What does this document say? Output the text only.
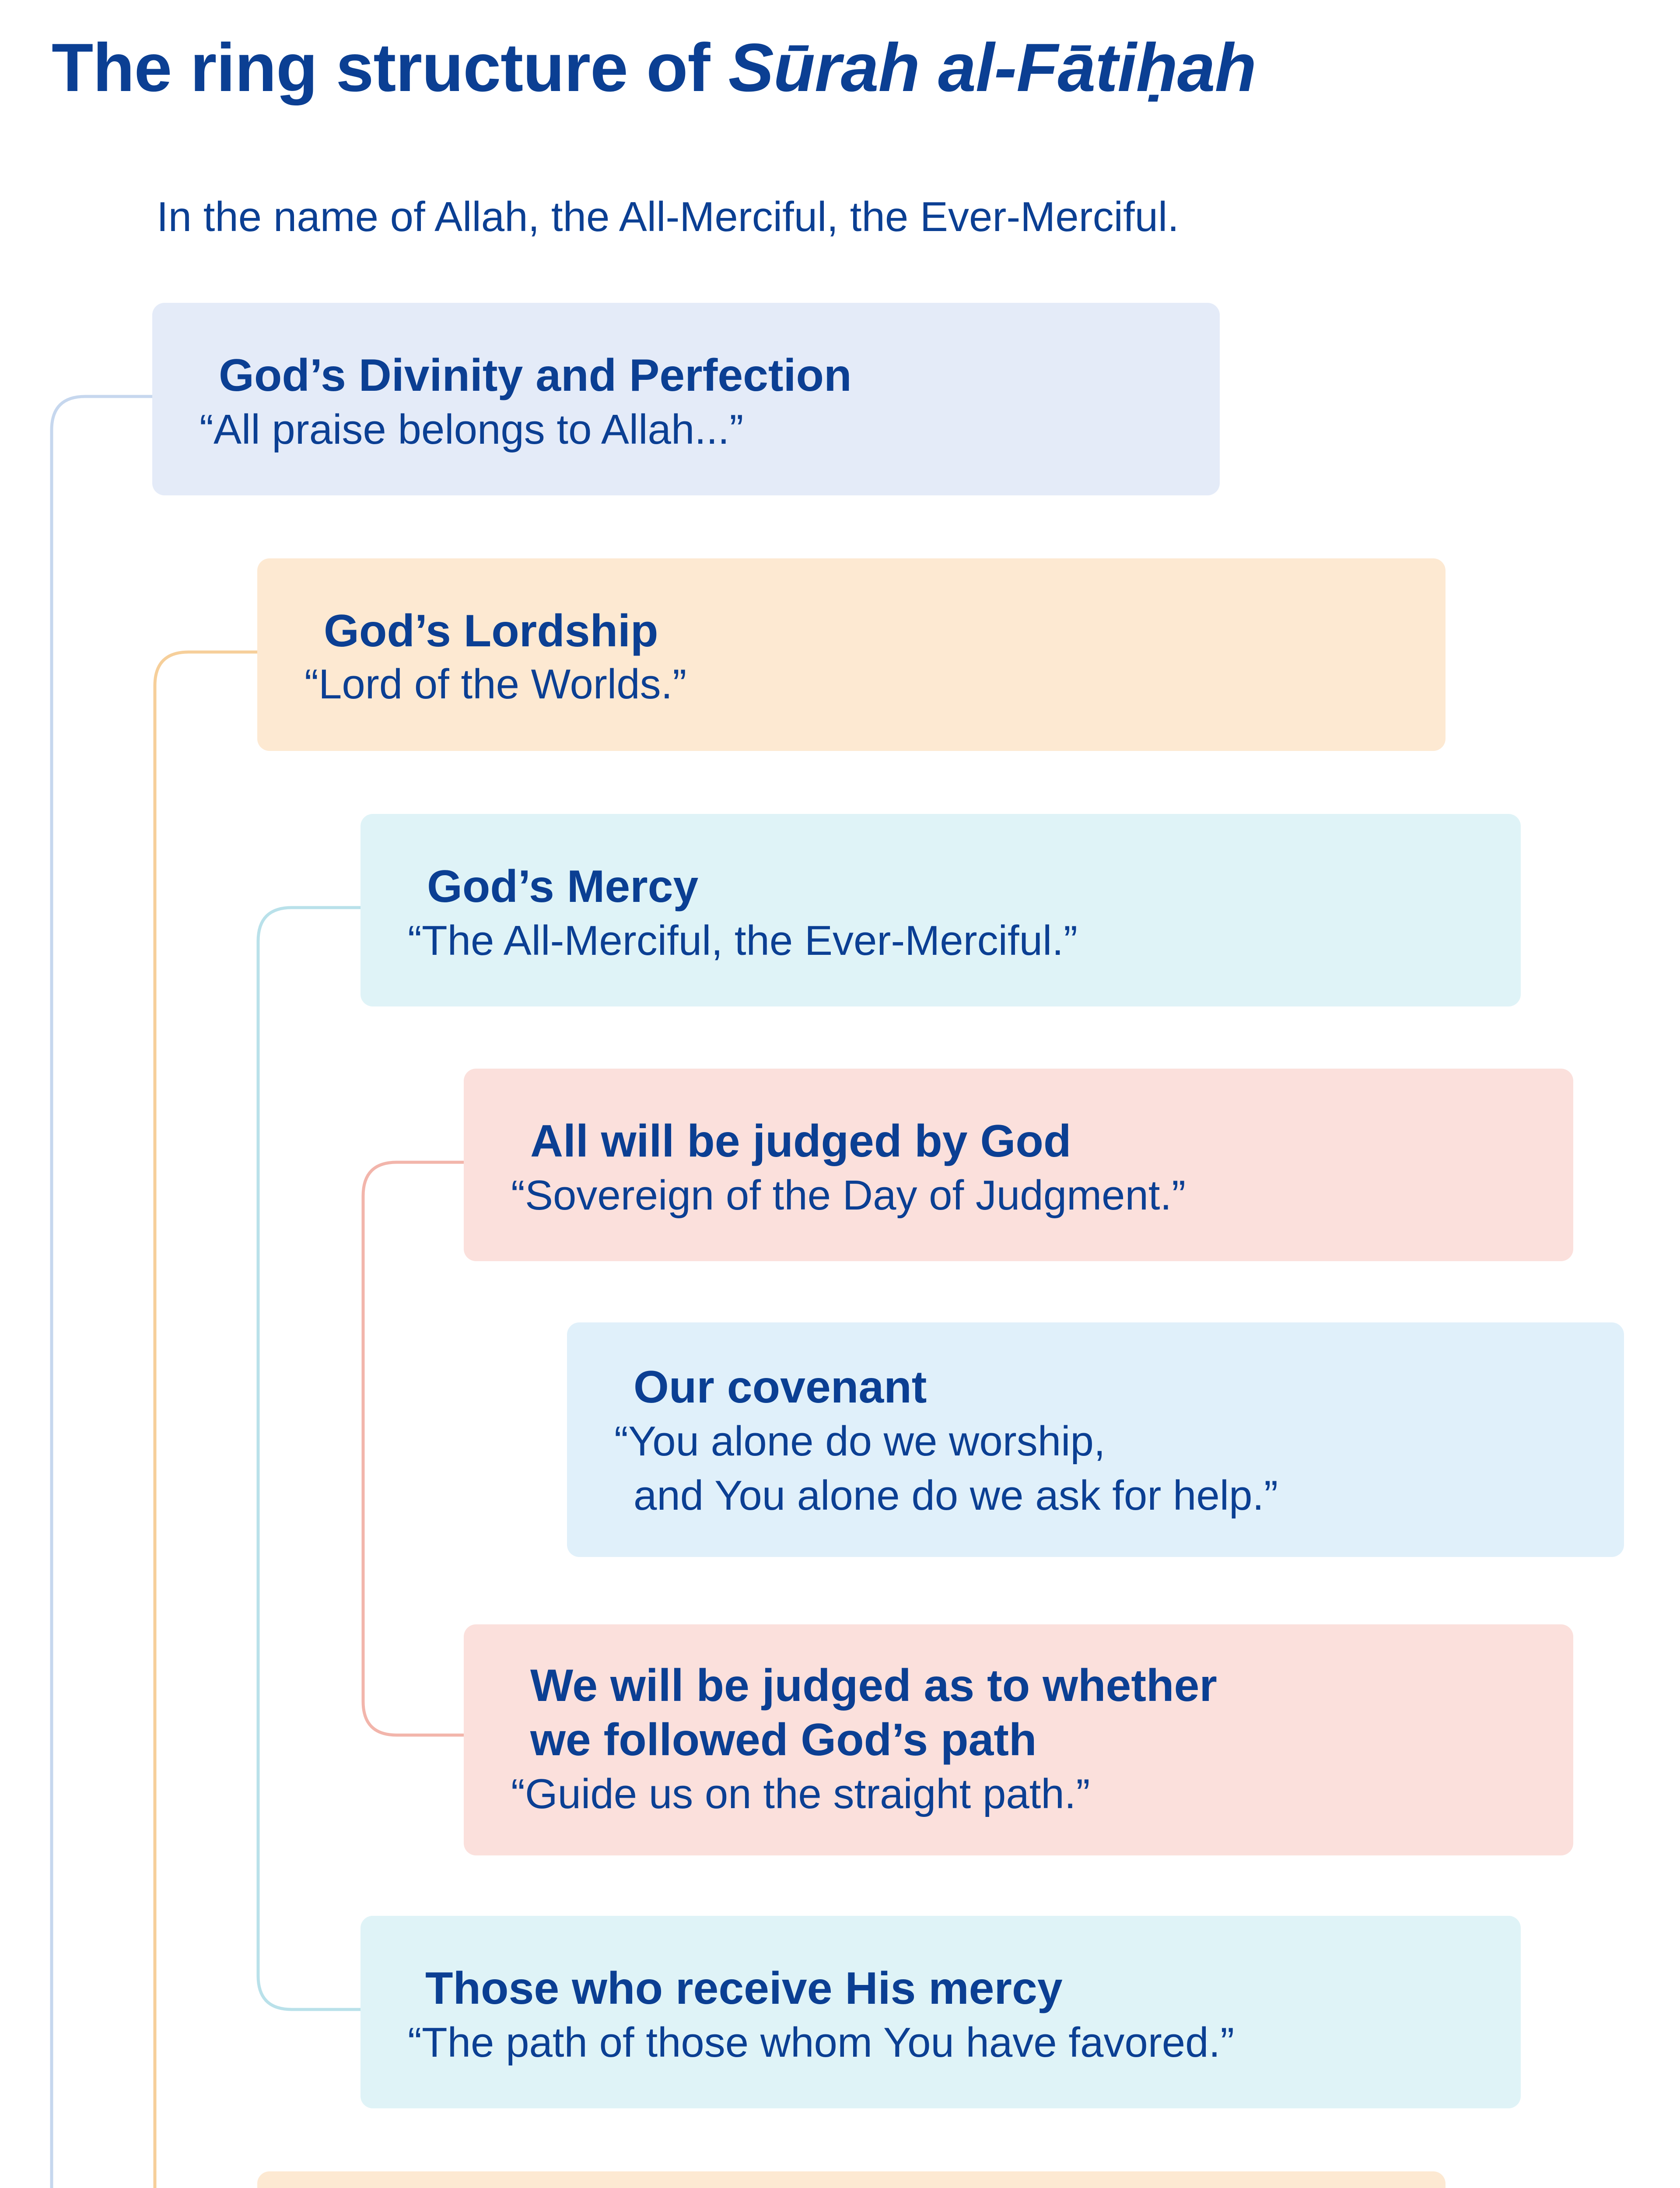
The ring structure of Sūrah al-Fātiḥah

In the name of Allah, the All-Merciful, the Ever-Merciful.

God’s Divinity and Perfection
“All praise belongs to Allah...”
God’s Lordship
“Lord of the Worlds.”
God’s Mercy
“The All-Merciful, the Ever-Merciful.”
All will be judged by God
“Sovereign of the Day of Judgment.”
Our covenant
“You alone do we worship,
and You alone do we ask for help.”
We will be judged as to whether
we followed God’s path
“Guide us on the straight path.”
Those who receive His mercy
“The path of those whom You have favored.”
